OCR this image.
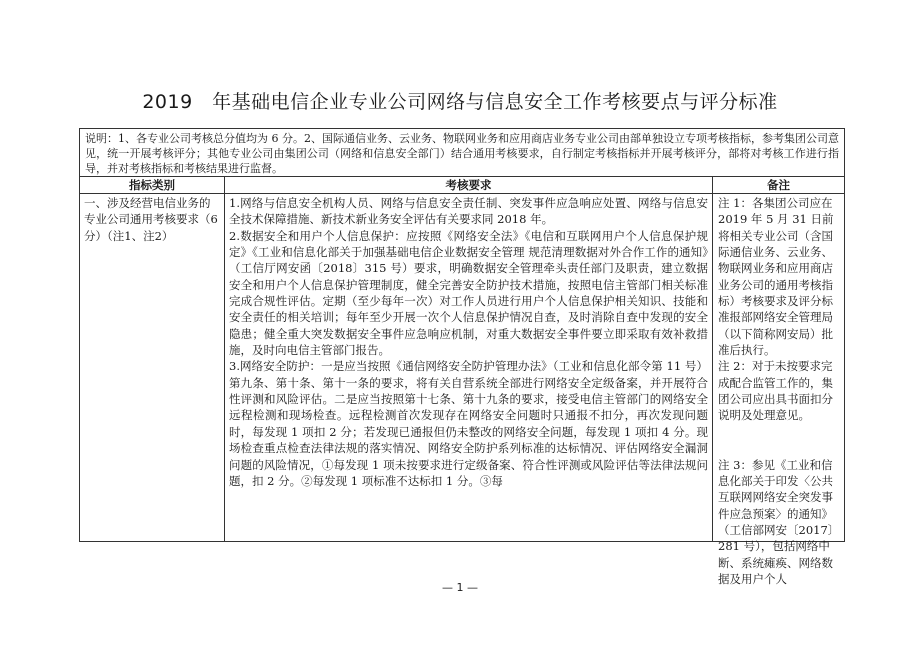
2019　年基础电信企业专业公司网络与信息安全工作考核要点与评分标准
说明：1、各专业公司考核总分值均为 6 分。2、国际通信业务、云业务、物联网业务和应用商店业务专业公司由部单独设立专项考核指标，参考集团公司意见，统一开展考核评分；其他专业公司由集团公司（网络和信息安全部门）结合通用考核要求，自行制定考核指标并开展考核评分，部将对考核工作进行指导，并对考核指标和考核结果进行监督。
指标类别	考核要求	备注
一、涉及经营电信业务的专业公司通用考核要求（6分）（注1、注2）
1.网络与信息安全机构人员、网络与信息安全责任制、突发事件应急响应处置、网络与信息安全技术保障措施、新技术新业务安全评估有关要求同 2018 年。
2.数据安全和用户个人信息保护：应按照《网络安全法》《电信和互联网用户个人信息保护规定》《工业和信息化部关于加强基础电信企业数据安全管理 规范清理数据对外合作工作的通知》（工信厅网安函〔2018〕315 号）要求，明确数据安全管理牵头责任部门及职责，建立数据安全和用户个人信息保护管理制度，健全完善安全防护技术措施，按照电信主管部门相关标准完成合规性评估。定期（至少每年一次）对工作人员进行用户个人信息保护相关知识、技能和安全责任的相关培训；每年至少开展一次个人信息保护情况自查，及时消除自查中发现的安全隐患；健全重大突发数据安全事件应急响应机制，对重大数据安全事件要立即采取有效补救措施，及时向电信主管部门报告。
3.网络安全防护：一是应当按照《通信网络安全防护管理办法》（工业和信息化部令第 11 号）第九条、第十条、第十一条的要求，将有关自营系统全部进行网络安全定级备案，并开展符合性评测和风险评估。二是应当按照第十七条、第十九条的要求，接受电信主管部门的网络安全远程检测和现场检查。远程检测首次发现存在网络安全问题时只通报不扣分，再次发现问题时，每发现 1 项扣 2 分；若发现已通报但仍未整改的网络安全问题，每发现 1 项扣 4 分。现场检查重点检查法律法规的落实情况、网络安全防护系列标准的达标情况、评估网络安全漏洞问题的风险情况，①每发现 1 项未按要求进行定级备案、符合性评测或风险评估等法律法规问题，扣 2 分。②每发现 1 项标准不达标扣 1 分。③每
注 1：各集团公司应在 2019 年 5 月 31 日前将相关专业公司（含国际通信业务、云业务、物联网业务和应用商店业务公司的通用考核指标）考核要求及评分标准报部网络安全管理局（以下简称网安局）批准后执行。
注 2：对于未按要求完成配合监管工作的，集团公司应出具书面扣分说明及处理意见。
注 3：参见《工业和信息化部关于印发〈公共互联网网络安全突发事件应急预案〉的通知》（工信部网安〔2017〕281 号），包括网络中断、系统瘫痪、网络数据及用户个人
— 1 —
